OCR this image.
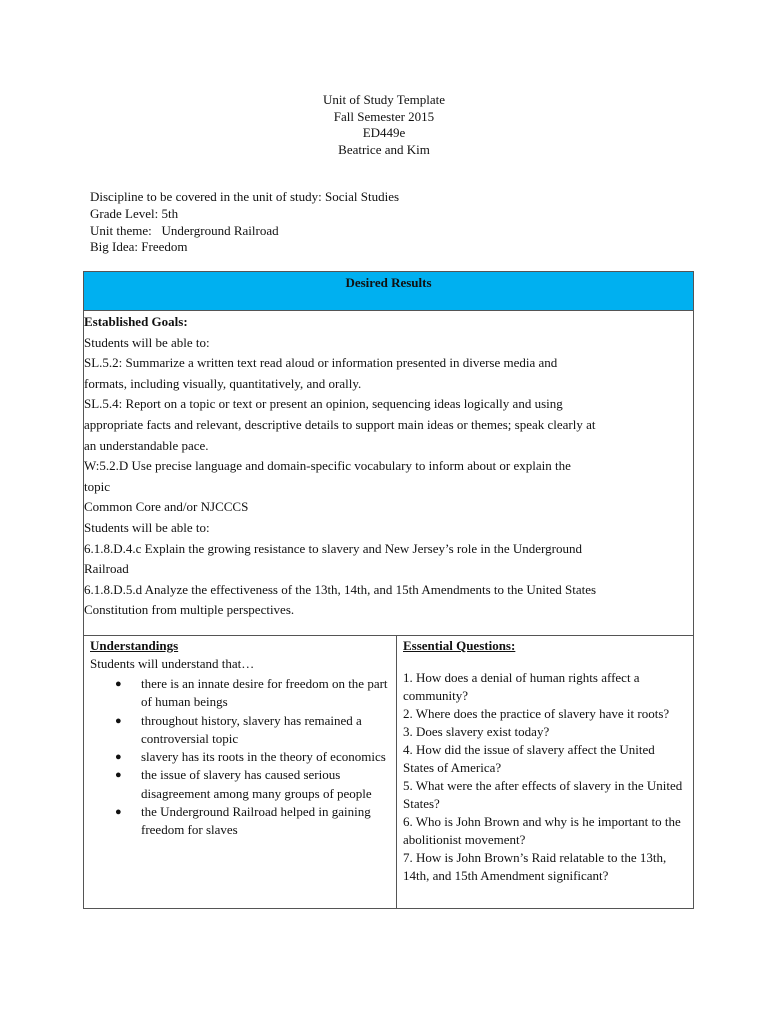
Unit of Study Template
Fall Semester 2015
ED449e
Beatrice and Kim
Discipline to be covered in the unit of study: Social Studies
Grade Level: 5th
Unit theme:   Underground Railroad
Big Idea: Freedom
Desired Results

Established Goals:
Students will be able to:
SL.5.2: Summarize a written text read aloud or information presented in diverse media and
formats, including visually, quantitatively, and orally.
SL.5.4: Report on a topic or text or present an opinion, sequencing ideas logically and using
appropriate facts and relevant, descriptive details to support main ideas or themes; speak clearly at
an understandable pace.
W:5.2.D Use precise language and domain-specific vocabulary to inform about or explain the
topic
Common Core and/or NJCCCS
Students will be able to:
6.1.8.D.4.c Explain the growing resistance to slavery and New Jersey’s role in the Underground
Railroad
6.1.8.D.5.d Analyze the effectiveness of the 13th, 14th, and 15th Amendments to the United States
Constitution from multiple perspectives.

Understandings
Students will understand that…
● there is an innate desire for freedom on the part of human beings
● throughout history, slavery has remained a controversial topic
● slavery has its roots in the theory of economics
● the issue of slavery has caused serious disagreement among many groups of people
● the Underground Railroad helped in gaining freedom for slaves

Essential Questions:
1. How does a denial of human rights affect a community?
2. Where does the practice of slavery have it roots?
3. Does slavery exist today?
4. How did the issue of slavery affect the United States of America?
5. What were the after effects of slavery in the United States?
6. Who is John Brown and why is he important to the abolitionist movement?
7. How is John Brown’s Raid relatable to the 13th, 14th, and 15th Amendment significant?
